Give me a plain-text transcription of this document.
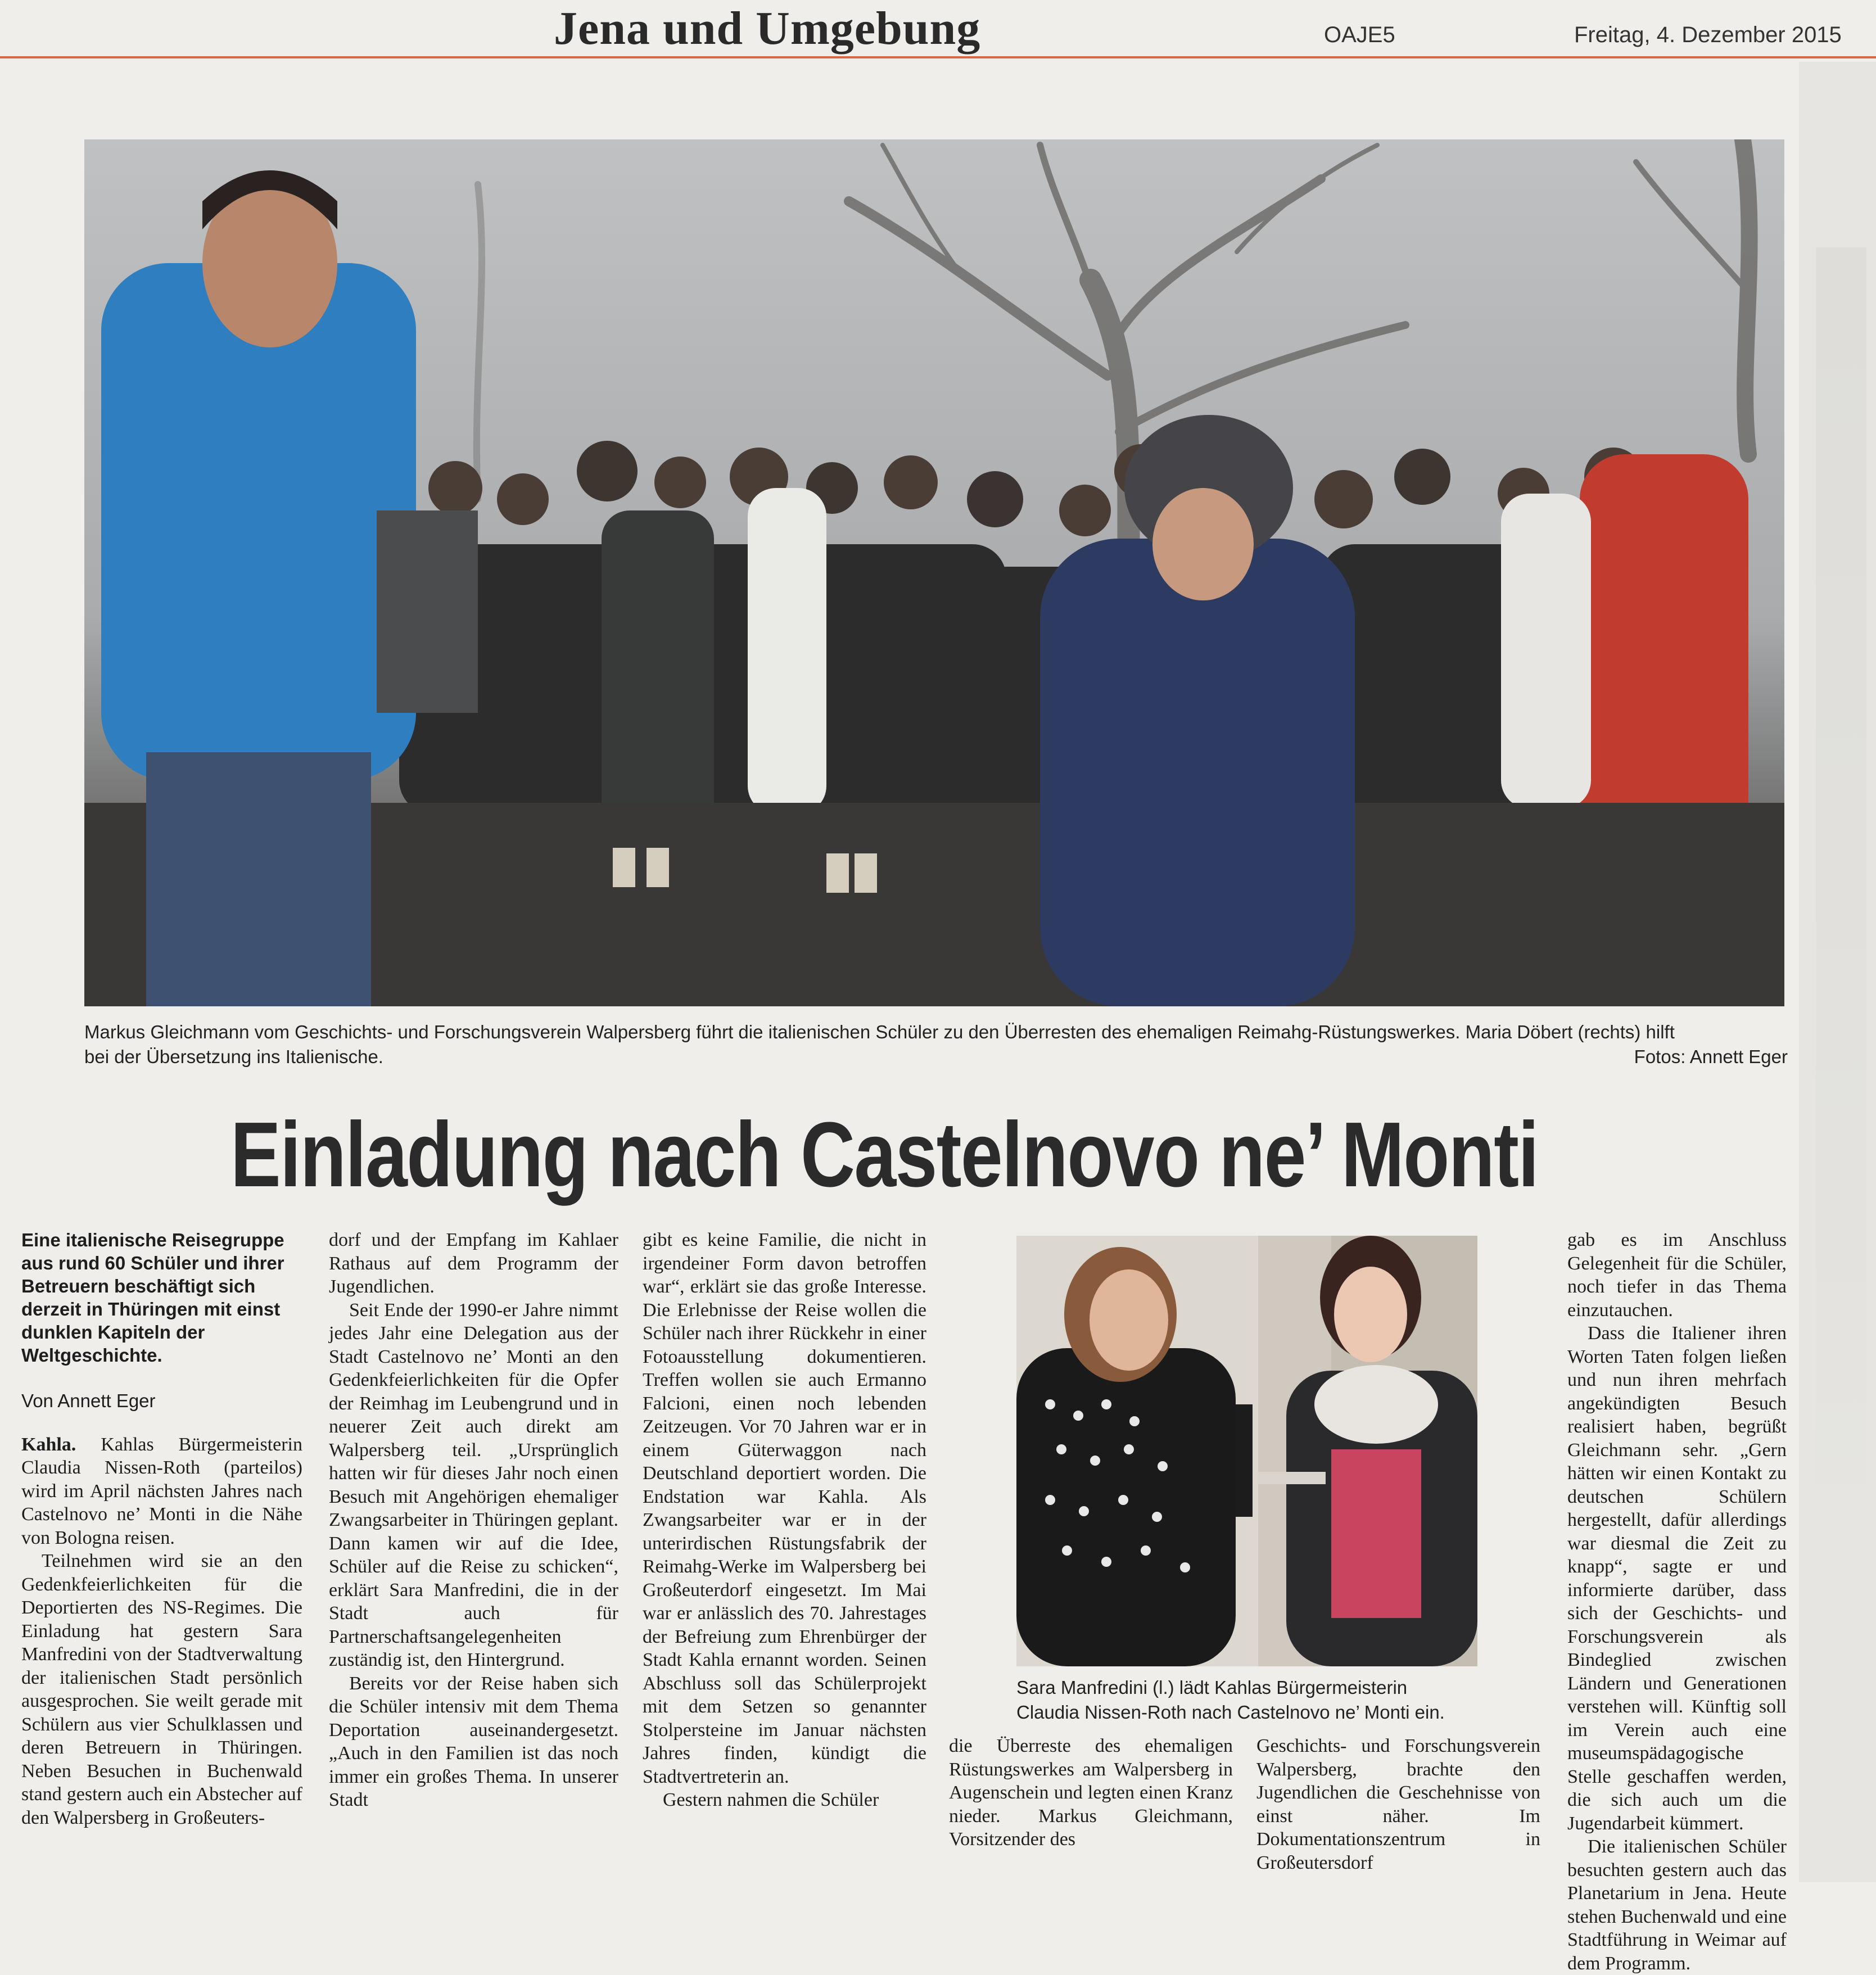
Jena und Umgebung	OAJE5	Freitag, 4. Dezember 2015
Markus Gleichmann vom Geschichts- und Forschungsverein Walpersberg führt die italienischen Schüler zu den Überresten des ehemaligen Reimahg-Rüstungswerkes. Maria Döbert (rechts) hilft
bei der Übersetzung ins Italienische.	Fotos: Annett Eger
Einladung nach Castelnovo ne’ Monti
Eine italienische Reisegruppe aus rund 60 Schüler und ihrer Betreuern beschäftigt sich derzeit in Thüringen mit einst dunklen Kapiteln der Weltgeschichte.
Von Annett Eger

Kahla. Kahlas Bürgermeisterin Claudia Nissen-Roth (parteilos) wird im April nächsten Jahres nach Castelnovo ne’ Monti in die Nähe von Bologna reisen.

Teilnehmen wird sie an den Gedenkfeierlichkeiten für die Deportierten des NS-Regimes. Die Einladung hat gestern Sara Manfredini von der Stadtverwaltung der italienischen Stadt persönlich ausgesprochen. Sie weilt gerade mit Schülern aus vier Schulklassen und deren Betreuern in Thüringen. Neben Besuchen in Buchenwald stand gestern auch ein Abstecher auf den Walpersberg in Großeuters-

dorf und der Empfang im Kahlaer Rathaus auf dem Programm der Jugendlichen.

Seit Ende der 1990-er Jahre nimmt jedes Jahr eine Delegation aus der Stadt Castelnovo ne’ Monti an den Gedenkfeierlichkeiten für die Opfer der Reimhag im Leubengrund und in neuerer Zeit auch direkt am Walpersberg teil. „Ursprünglich hatten wir für dieses Jahr noch einen Besuch mit Angehörigen ehemaliger Zwangsarbeiter in Thüringen geplant. Dann kamen wir auf die Idee, Schüler auf die Reise zu schicken“, erklärt Sara Manfredini, die in der Stadt auch für Partnerschaftsangelegenheiten zuständig ist, den Hintergrund.

Bereits vor der Reise haben sich die Schüler intensiv mit dem Thema Deportation auseinandergesetzt. „Auch in den Familien ist das noch immer ein großes Thema. In unserer Stadt

gibt es keine Familie, die nicht in irgendeiner Form davon betroffen war“, erklärt sie das große Interesse. Die Erlebnisse der Reise wollen die Schüler nach ihrer Rückkehr in einer Fotoausstellung dokumentieren. Treffen wollen sie auch Ermanno Falcioni, einen noch lebenden Zeitzeugen. Vor 70 Jahren war er in einem Güterwaggon nach Deutschland deportiert worden. Die Endstation war Kahla. Als Zwangsarbeiter war er in der unterirdischen Rüstungsfabrik der Reimahg-Werke im Walpersberg bei Großeuterdorf eingesetzt. Im Mai war er anlässlich des 70. Jahrestages der Befreiung zum Ehrenbürger der Stadt Kahla ernannt worden. Seinen Abschluss soll das Schülerprojekt mit dem Setzen so genannter Stolpersteine im Januar nächsten Jahres finden, kündigt die Stadtvertreterin an.

Gestern nahmen die Schüler

Sara Manfredini (l.) lädt Kahlas Bürgermeisterin Claudia Nissen-Roth nach Castelnovo ne’ Monti ein.

die Überreste des ehemaligen Rüstungswerkes am Walpersberg in Augenschein und legten einen Kranz nieder. Markus Gleichmann, Vorsitzender des

Geschichts- und Forschungsverein Walpersberg, brachte den Jugendlichen die Geschehnisse von einst näher. Im Dokumentationszentrum in Großeutersdorf

gab es im Anschluss Gelegenheit für die Schüler, noch tiefer in das Thema einzutauchen.

Dass die Italiener ihren Worten Taten folgen ließen und nun ihren mehrfach angekündigten Besuch realisiert haben, begrüßt Gleichmann sehr. „Gern hätten wir einen Kontakt zu deutschen Schülern hergestellt, dafür allerdings war diesmal die Zeit zu knapp“, sagte er und informierte darüber, dass sich der Geschichts- und Forschungsverein als Bindeglied zwischen Ländern und Generationen verstehen will. Künftig soll im Verein auch eine museumspädagogische Stelle geschaffen werden, die sich auch um die Jugendarbeit kümmert.

Die italienischen Schüler besuchten gestern auch das Planetarium in Jena. Heute stehen Buchenwald und eine Stadtführung in Weimar auf dem Programm.
